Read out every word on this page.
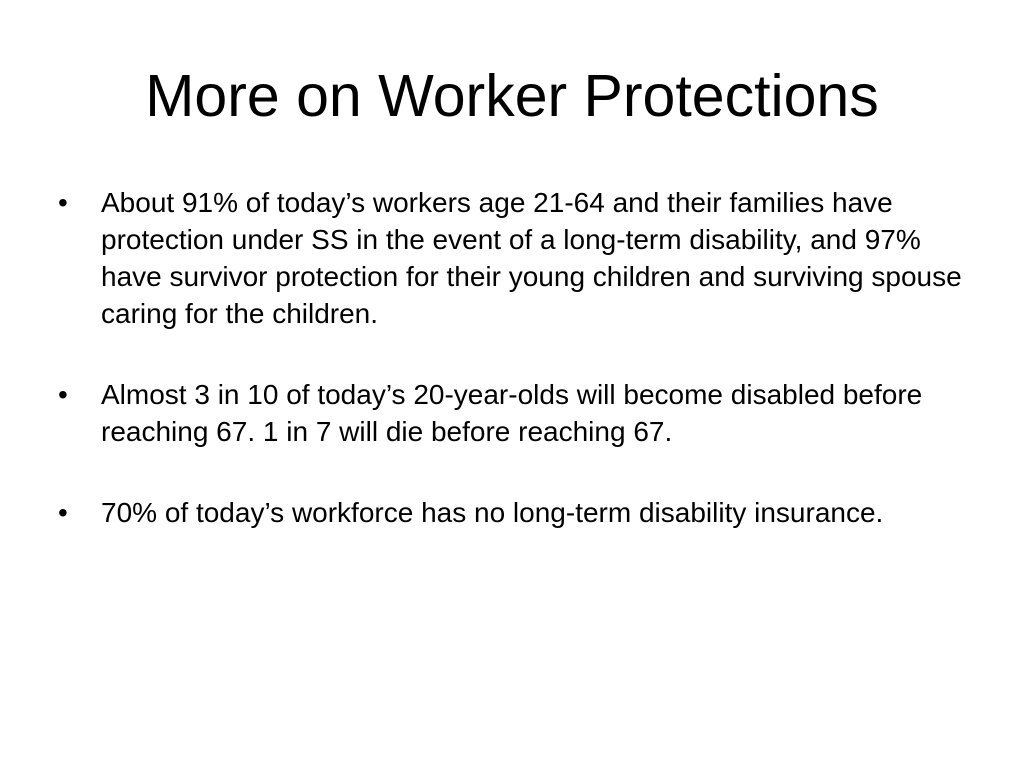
More on Worker Protections
•	About 91% of today’s workers age 21-64 and their families have protection under SS in the event of a long-term disability, and 97% have survivor protection for their young children and surviving spouse caring for the children.
•	Almost 3 in 10 of today’s 20-year-olds will become disabled before reaching 67. 1 in 7 will die before reaching 67.
•	70% of today’s workforce has no long-term disability insurance.
